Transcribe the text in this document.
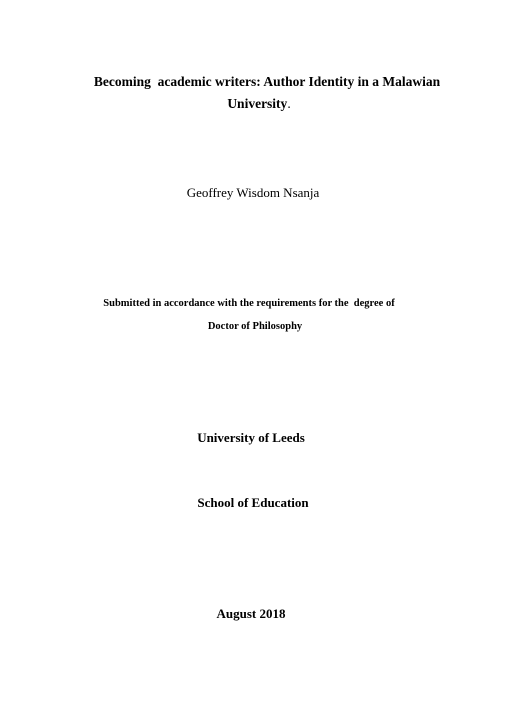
Becoming  academic writers: Author Identity in a Malawian
University.
Geoffrey Wisdom Nsanja
Submitted in accordance with the requirements for the  degree of
Doctor of Philosophy
University of Leeds
School of Education
August 2018
